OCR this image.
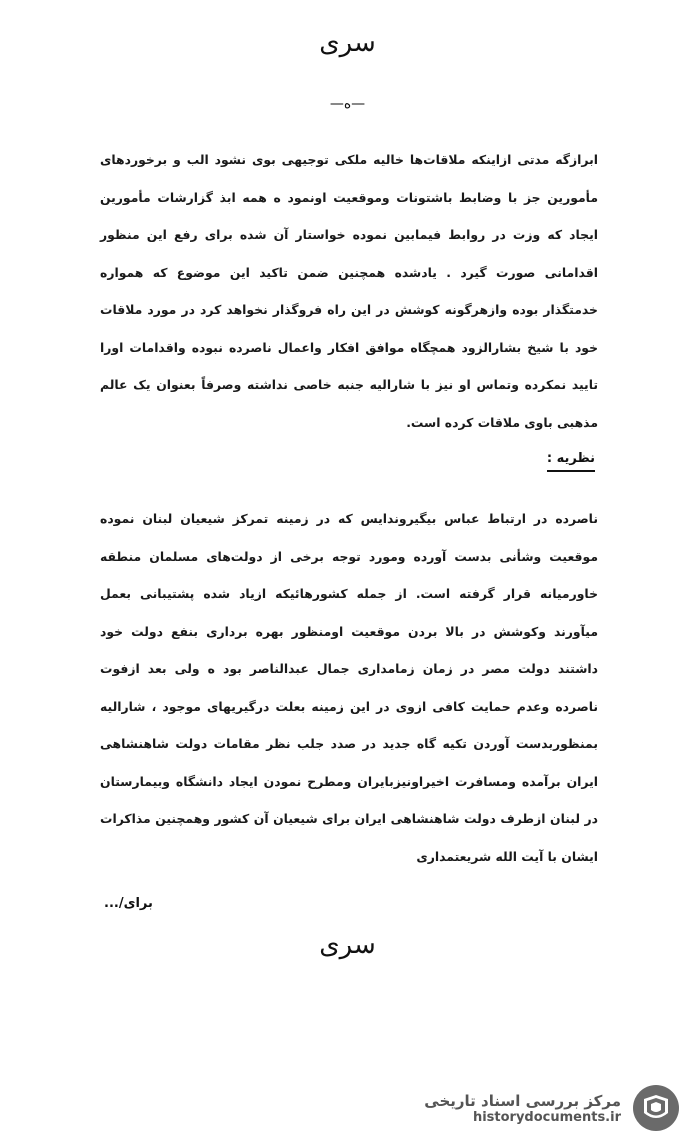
سری
—ه—
ابرازگه مدتی ازاینکه ملاقات‌ها خالیه ملکی توجیهی بوی نشود الب و برخوردهای مأمورین جز با وضابط باشتونات وموقعیت اونمود ه همه ابذ گزارشات مأمورین ایجاد که وزت در روابط فیمابین نموده خواستار آن شده برای رفع این منظور اقدامانی صورت گیرد . یادشده همچنین ضمن تاکید این موضوع که همواره خدمتگذار بوده وازهرگونه کوشش در این راه فروگذار نخواهد کرد در مورد ملاقات خود با شیخ بشارالزود همچگاه موافق افکار واعمال ناصرده نبوده واقدامات اورا تایید نمکرده وتماس او نیز با شارالیه جنبه خاصی نداشته وصرفاً بعنوان یک عالم مذهبی باوی ملاقات کرده است.
نظریه :
ناصرده در ارتباط عباس بیگیروندایس که در زمینه تمرکز شیعیان لبنان نموده موقعیت وشأنی بدست آورده ومورد توجه برخی از دولت‌های مسلمان منطقه خاورمیانه قرار گرفته است. از جمله کشورهائیکه ازیاد شده پشتیبانی بعمل میآورند وکوشش در بالا بردن موقعیت اومنظور بهره برداری بنفع دولت خود داشتند دولت مصر در زمان زمامداری جمال عبدالناصر بود ه ولی بعد ازفوت ناصرده وعدم حمایت کافی ازوی در این زمینه بعلت درگیریهای موجود ، شارالیه بمنظوربدست آوردن تکیه گاه جدید در صدد جلب نظر مقامات دولت شاهنشاهی ایران برآمده ومسافرت اخیراونیزبایران ومطرح نمودن ایجاد دانشگاه وبیمارستان در لبنان ازطرف دولت شاهنشاهی ایران برای شیعیان آن کشور وهمچنین مذاکرات ایشان با آیت الله شریعتمداری
برای/...
سری
مرکز بررسی اسناد تاریخی
historydocuments.ir
